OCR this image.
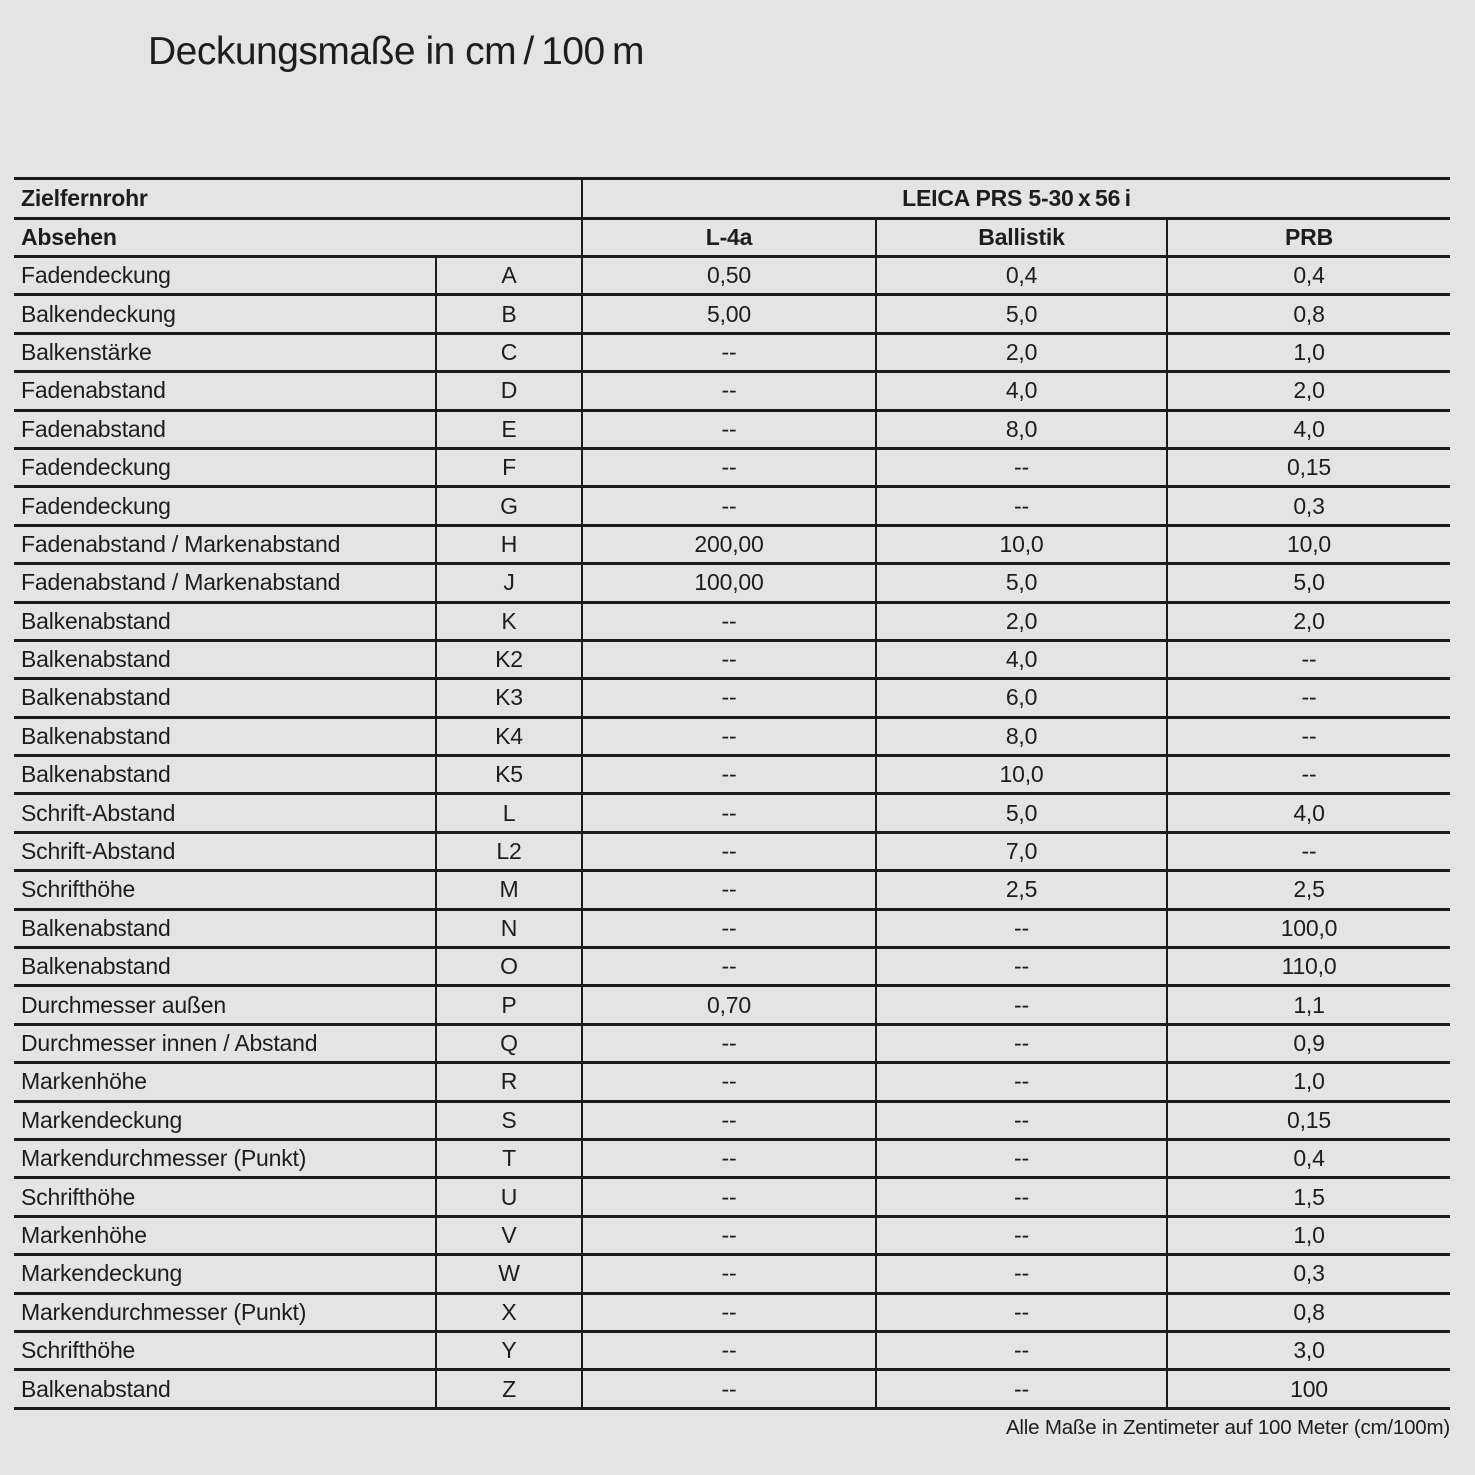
Deckungsmaße in cm / 100 m
Zielfernrohr	LEICA PRS 5-30 x 56 i
Absehen	L-4a	Ballistik	PRB
Fadendeckung	A	0,50	0,4	0,4
Balkendeckung	B	5,00	5,0	0,8
Balkenstärke	C	--	2,0	1,0
Fadenabstand	D	--	4,0	2,0
Fadenabstand	E	--	8,0	4,0
Fadendeckung	F	--	--	0,15
Fadendeckung	G	--	--	0,3
Fadenabstand / Markenabstand	H	200,00	10,0	10,0
Fadenabstand / Markenabstand	J	100,00	5,0	5,0
Balkenabstand	K	--	2,0	2,0
Balkenabstand	K2	--	4,0	--
Balkenabstand	K3	--	6,0	--
Balkenabstand	K4	--	8,0	--
Balkenabstand	K5	--	10,0	--
Schrift-Abstand	L	--	5,0	4,0
Schrift-Abstand	L2	--	7,0	--
Schrifthöhe	M	--	2,5	2,5
Balkenabstand	N	--	--	100,0
Balkenabstand	O	--	--	110,0
Durchmesser außen	P	0,70	--	1,1
Durchmesser innen / Abstand	Q	--	--	0,9
Markenhöhe	R	--	--	1,0
Markendeckung	S	--	--	0,15
Markendurchmesser (Punkt)	T	--	--	0,4
Schrifthöhe	U	--	--	1,5
Markenhöhe	V	--	--	1,0
Markendeckung	W	--	--	0,3
Markendurchmesser (Punkt)	X	--	--	0,8
Schrifthöhe	Y	--	--	3,0
Balkenabstand	Z	--	--	100
Alle Maße in Zentimeter auf 100 Meter (cm/100m)
